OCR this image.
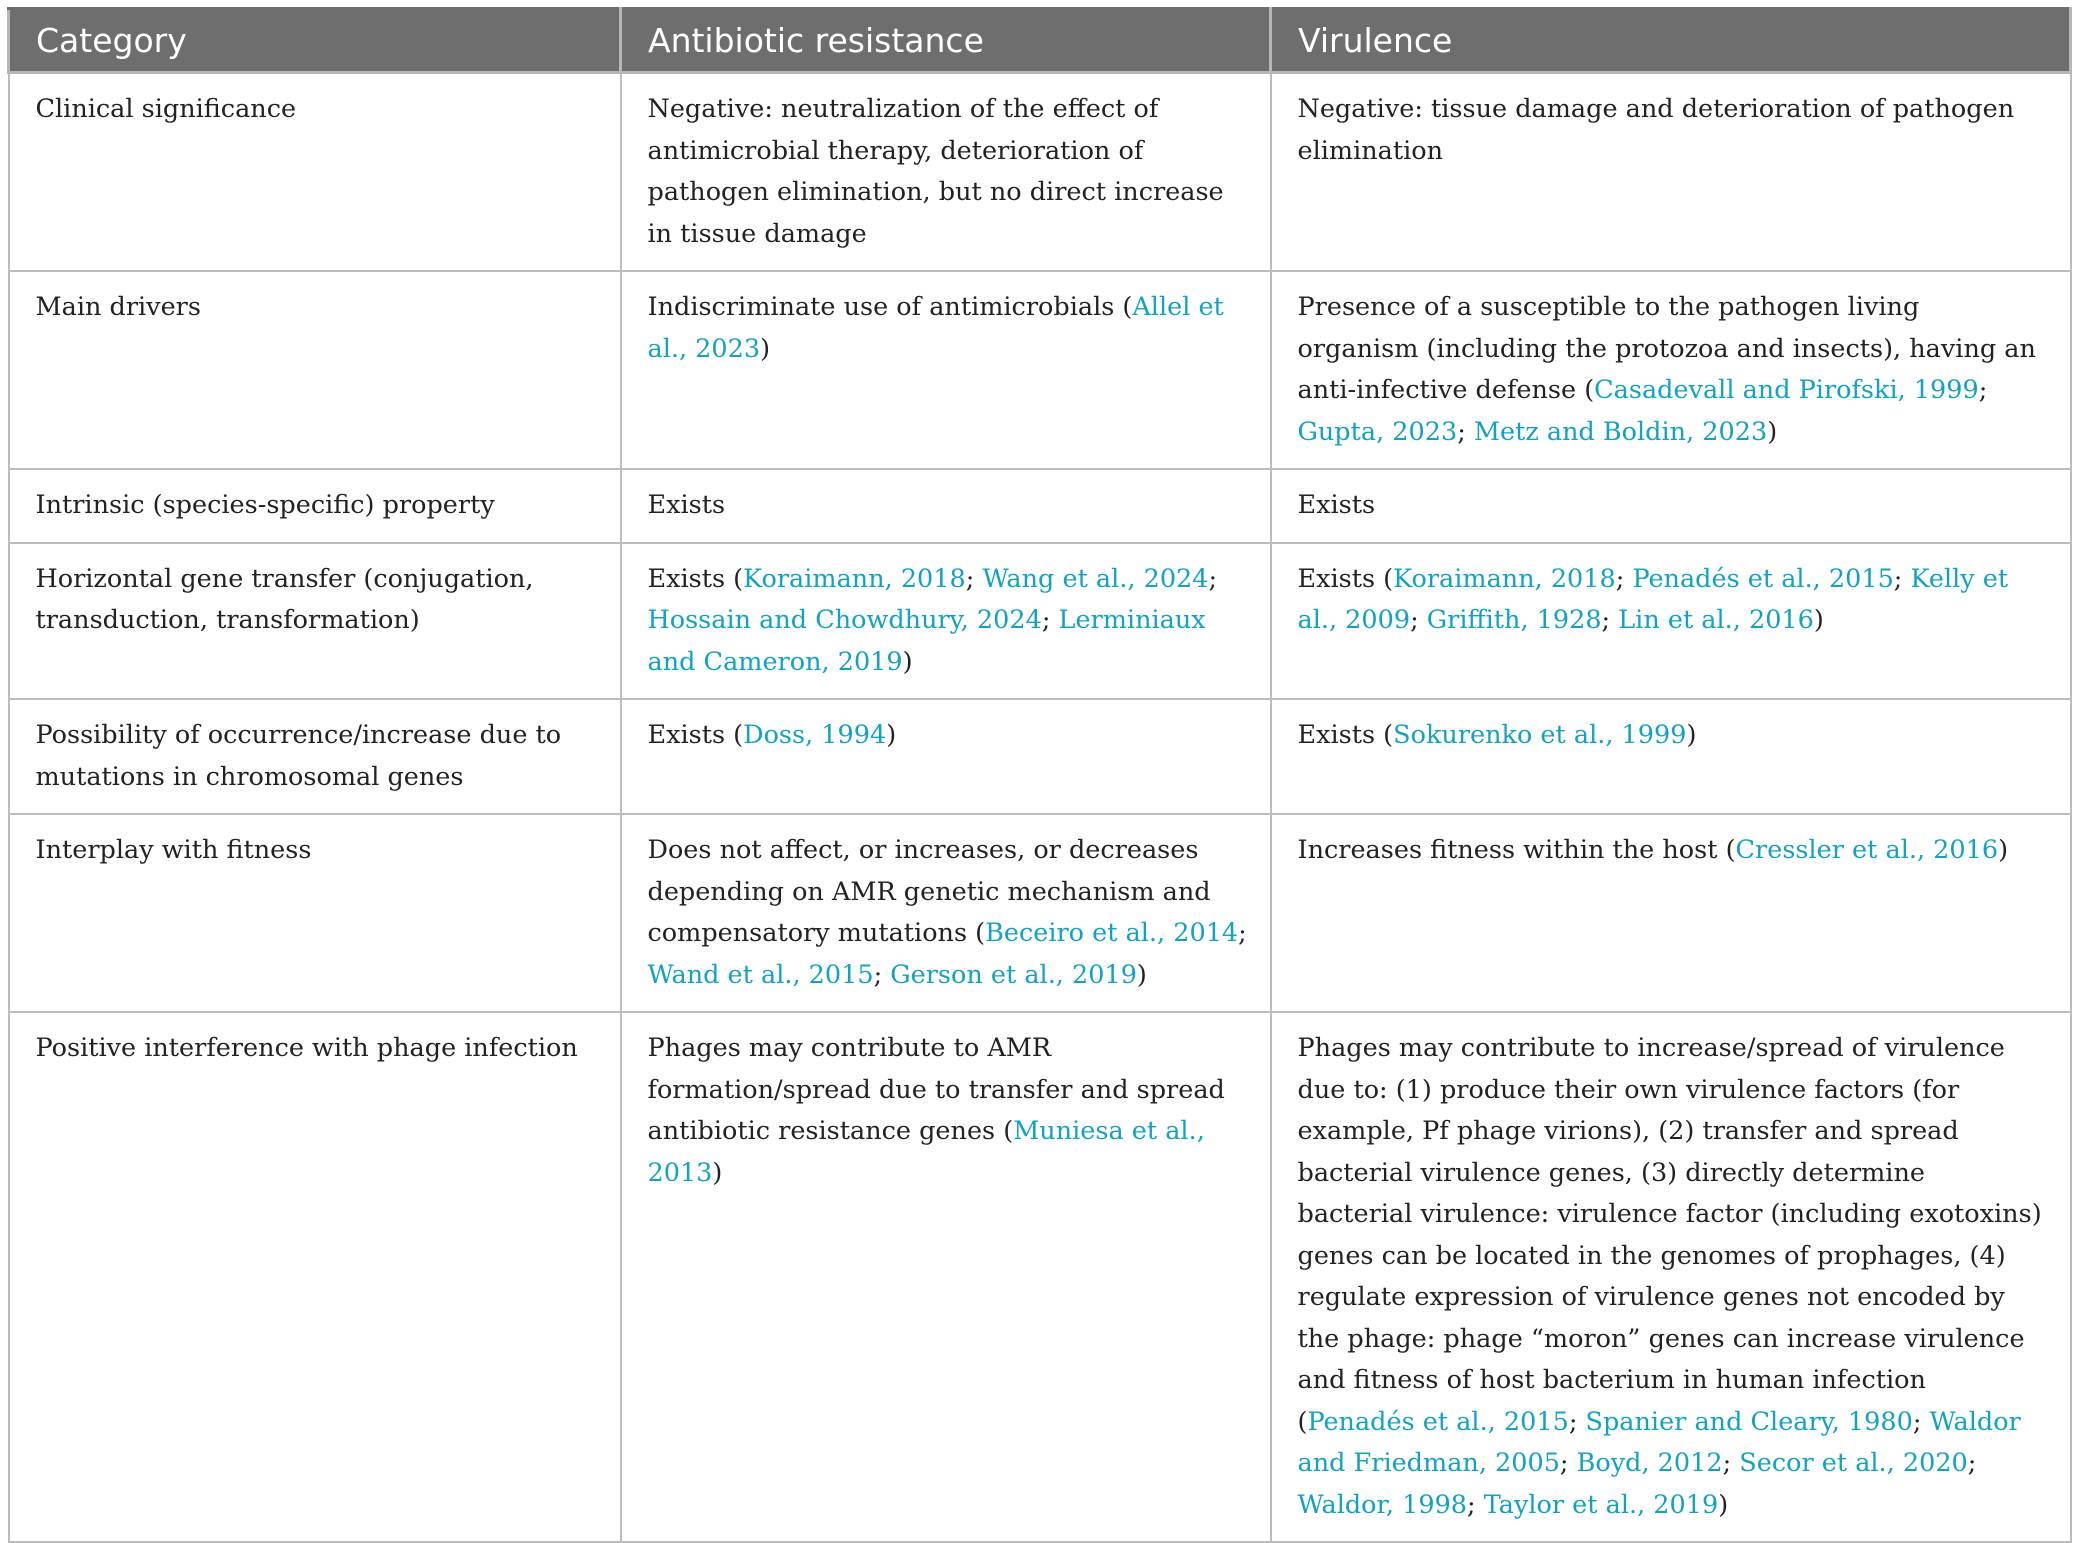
Category	Antibiotic resistance	Virulence
Clinical significance	Negative: neutralization of the effect of antimicrobial therapy, deterioration of pathogen elimination, but no direct increase in tissue damage	Negative: tissue damage and deterioration of pathogen elimination
Main drivers	Indiscriminate use of antimicrobials (Allel et al., 2023)	Presence of a susceptible to the pathogen living organism (including the protozoa and insects), having an anti-infective defense (Casadevall and Pirofski, 1999; Gupta, 2023; Metz and Boldin, 2023)
Intrinsic (species-specific) property	Exists	Exists
Horizontal gene transfer (conjugation, transduction, transformation)	Exists (Koraimann, 2018; Wang et al., 2024; Hossain and Chowdhury, 2024; Lerminiaux and Cameron, 2019)	Exists (Koraimann, 2018; Penadés et al., 2015; Kelly et al., 2009; Griffith, 1928; Lin et al., 2016)
Possibility of occurrence/increase due to mutations in chromosomal genes	Exists (Doss, 1994)	Exists (Sokurenko et al., 1999)
Interplay with fitness	Does not affect, or increases, or decreases depending on AMR genetic mechanism and compensatory mutations (Beceiro et al., 2014; Wand et al., 2015; Gerson et al., 2019)	Increases fitness within the host (Cressler et al., 2016)
Positive interference with phage infection	Phages may contribute to AMR formation/spread due to transfer and spread antibiotic resistance genes (Muniesa et al., 2013)	Phages may contribute to increase/spread of virulence due to: (1) produce their own virulence factors (for example, Pf phage virions), (2) transfer and spread bacterial virulence genes, (3) directly determine bacterial virulence: virulence factor (including exotoxins) genes can be located in the genomes of prophages, (4) regulate expression of virulence genes not encoded by the phage: phage “moron” genes can increase virulence and fitness of host bacterium in human infection (Penadés et al., 2015; Spanier and Cleary, 1980; Waldor and Friedman, 2005; Boyd, 2012; Secor et al., 2020; Waldor, 1998; Taylor et al., 2019)
